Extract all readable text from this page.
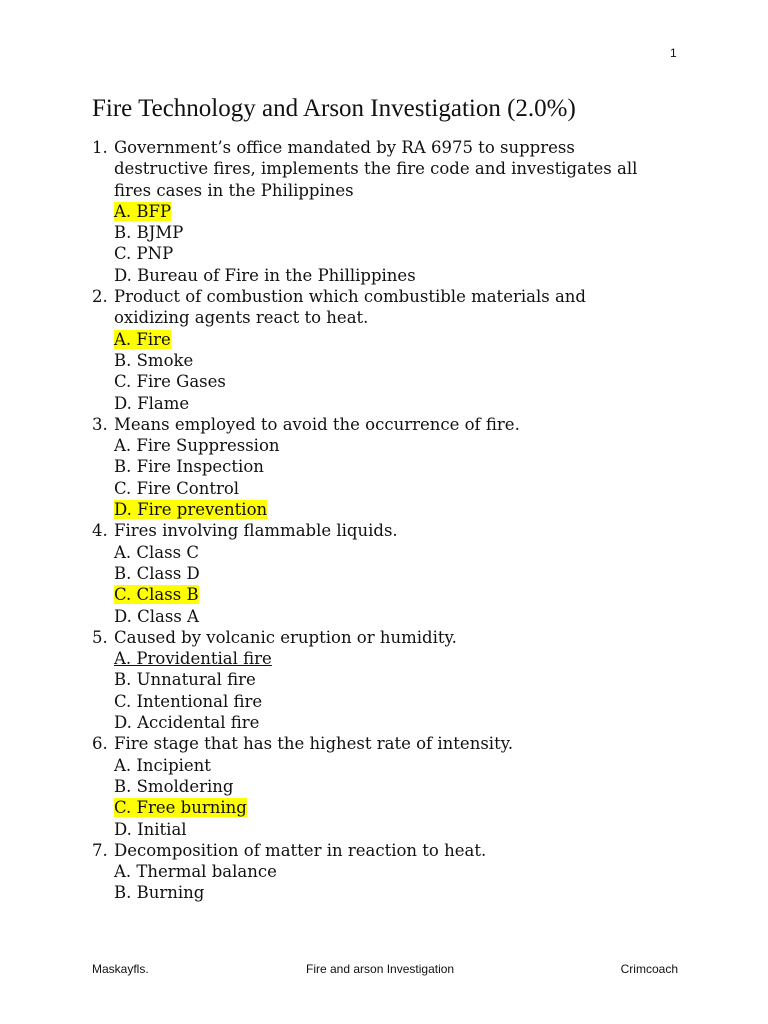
1
Fire Technology and Arson Investigation (2.0%)
1. Government’s office mandated by RA 6975 to suppress
destructive fires, implements the fire code and investigates all
fires cases in the Philippines
A. BFP
B. BJMP
C. PNP
D. Bureau of Fire in the Phillippines
2. Product of combustion which combustible materials and
oxidizing agents react to heat.
A. Fire
B. Smoke
C. Fire Gases
D. Flame
3. Means employed to avoid the occurrence of fire.
A. Fire Suppression
B. Fire Inspection
C. Fire Control
D. Fire prevention
4. Fires involving flammable liquids.
A. Class C
B. Class D
C. Class B
D. Class A
5. Caused by volcanic eruption or humidity.
A. Providential fire
B. Unnatural fire
C. Intentional fire
D. Accidental fire
6. Fire stage that has the highest rate of intensity.
A. Incipient
B. Smoldering
C. Free burning
D. Initial
7. Decomposition of matter in reaction to heat.
A. Thermal balance
B. Burning
Maskayfls.	Fire and arson Investigation	Crimcoach
